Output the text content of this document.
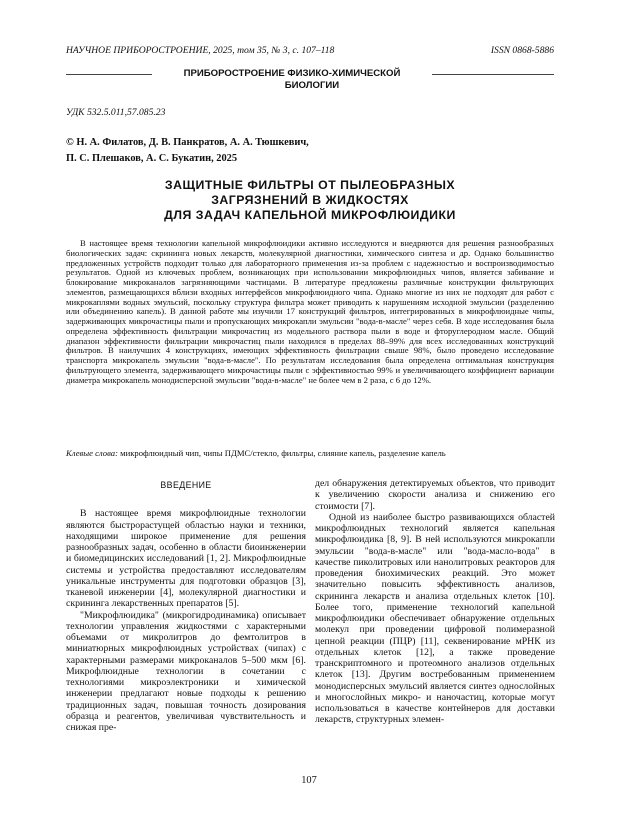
НАУЧНОЕ ПРИБОРОСТРОЕНИЕ, 2025, том 35, № 3, с. 107–118	ISSN 0868-5886
ПРИБОРОСТРОЕНИЕ ФИЗИКО-ХИМИЧЕСКОЙ
БИОЛОГИИ
УДК 532.5.011,57.085.23
© Н. А. Филатов, Д. В. Панкратов, А. А. Тюшкевич,
П. С. Плешаков, А. С. Букатин, 2025
ЗАЩИТНЫЕ ФИЛЬТРЫ ОТ ПЫЛЕОБРАЗНЫХ
ЗАГРЯЗНЕНИЙ В ЖИДКОСТЯХ
ДЛЯ ЗАДАЧ КАПЕЛЬНОЙ МИКРОФЛЮИДИКИ
В настоящее время технологии капельной микрофлюидики активно исследуются и внедряются для решения разнообразных биологических задач: скрининга новых лекарств, молекулярной диагностики, химического синтеза и др. Однако большинство предложенных устройств подходит только для лабораторного применения из-за проблем с надежностью и воспроизводимостью результатов. Одной из ключевых проблем, возникающих при использовании микрофлюидных чипов, является забивание и блокирование микроканалов загрязняющими частицами. В литературе предложены различные конструкции фильтрующих элементов, размещающихся вблизи входных интерфейсов микрофлюидного чипа. Однако многие из них не подходят для работ с микрокаплями водных эмульсий, поскольку структура фильтра может приводить к нарушениям исходной эмульсии (разделению или объединению капель). В данной работе мы изучили 17 конструкций фильтров, интегрированных в микрофлюидные чипы, задерживающих микрочастицы пыли и пропускающих микрокапли эмульсии "вода-в-масле" через себя. В ходе исследования была определена эффективность фильтрации микрочастиц из модельного раствора пыли в воде и фторуглеродном масле. Общий диапазон эффективности фильтрации микрочастиц пыли находился в пределах 88–99% для всех исследованных конструкций фильтров. В наилучших 4 конструкциях, имеющих эффективность фильтрации свыше 98%, было проведено исследование транспорта микрокапель эмульсии "вода-в-масле". По результатам исследования была определена оптимальная конструкция фильтрующего элемента, задерживающего микрочастицы пыли с эффективностью 99% и увеличивающего коэффициент вариации диаметра микрокапель монодисперсной эмульсии "вода-в-масле" не более чем в 2 раза, с 6 до 12%.
Клевые слова: микрофлюидный чип, чипы ПДМС/стекло, фильтры, слияние капель, разделение капель
ВВЕДЕНИЕ

В настоящее время микрофлюидные технологии являются быстрорастущей областью науки и техники, находящими широкое применение для решения разнообразных задач, особенно в области биоинженерии и биомедицинских исследований [1, 2]. Микрофлюидные системы и устройства предоставляют исследователям уникальные инструменты для подготовки образцов [3], тканевой инженерии [4], молекулярной диагностики и скрининга лекарственных препаратов [5].

"Микрофлюидика" (микрогидродинамика) описывает технологии управления жидкостями с характерными объемами от микролитров до фемтолитров в миниатюрных микрофлюидных устройствах (чипах) с характерными размерами микроканалов 5–500 мкм [6]. Микрофлюидные технологии в сочетании с технологиями микроэлектроники и химической инженерии предлагают новые подходы к решению традиционных задач, повышая точность дозирования образца и реагентов, увеличивая чувствительность и снижая пре-

дел обнаружения детектируемых объектов, что приводит к увеличению скорости анализа и снижению его стоимости [7].

Одной из наиболее быстро развивающихся областей микрофлюидных технологий является капельная микрофлюидика [8, 9]. В ней используются микрокапли эмульсии "вода-в-масле" или "вода-масло-вода" в качестве пиколитровых или нанолитровых реакторов для проведения биохимических реакций. Это может значительно повысить эффективность анализов, скрининга лекарств и анализа отдельных клеток [10]. Более того, применение технологий капельной микрофлюидики обеспечивает обнаружение отдельных молекул при проведении цифровой полимеразной цепной реакции (ПЦР) [11], секвенирование мРНК из отдельных клеток [12], а также проведение транскриптомного и протеомного анализов отдельных клеток [13]. Другим востребованным применением монодисперсных эмульсий является синтез однослойных и многослойных микро- и наночастиц, которые могут использоваться в качестве контейнеров для доставки лекарств, структурных элемен-

107
